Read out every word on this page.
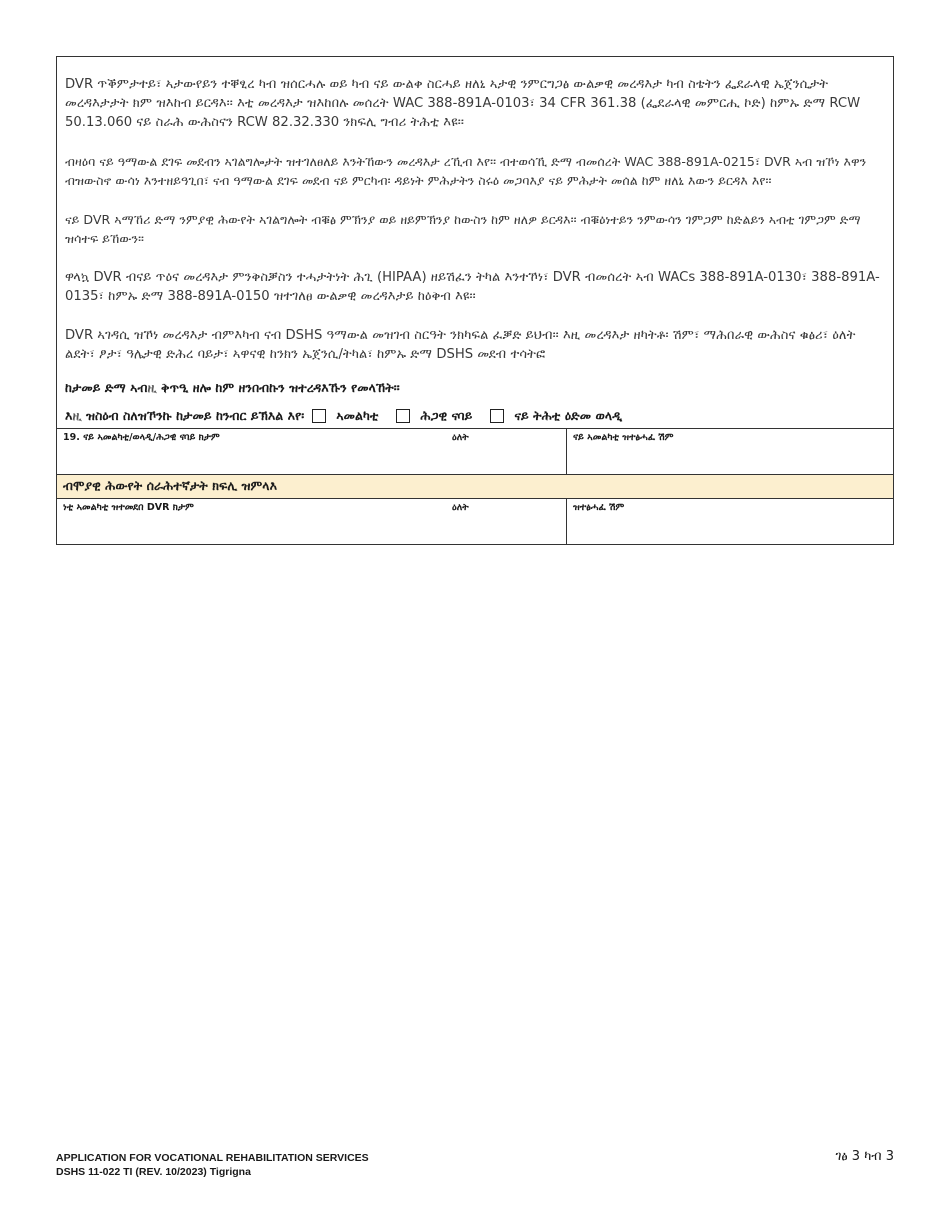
DVR ጥቕምታተይ፣ ኣታውየይን ተቐፂረ ካብ ዝሰርሓሉ ወይ ካብ ናይ ውልቀ ስርሓይ ዘለኒ ኣታዊ ንምርግጋፅ ውልቃዊ መረዳእታ ካብ ስቴትን ፌደራላዊ ኤጀንሲታት መረዳእታታት ክም ዝእከብ ይርዳእ፡፡ እቲ መረዳእታ ዝእከበሉ መሰረት WAC 388-891A-0103፣ 34 CFR 361.38 (ፌደራላዊ መምርሒ ኮድ) ከምኡ ድማ RCW 50.13.060 ናይ ስራሕ ውሕስናን RCW 82.32.330 ንክፍሊ ግብሪ ትሕቲ እዩ፡፡

ብዛዕባ ናይ ዓማውል ደገፍ መደብን ኣገልግሎታት ዝተገለፀለይ እንትኸውን መረዳእታ ረኺብ እየ፡፡ ብተወሳኺ ድማ ብመሰረት WAC 388-891A-0215፣ DVR ኣብ ዝኾነ እዋን ብዝውስኖ ውሳነ እንተዘይዓጊበ፣ ናብ ዓማውል ደገፍ መደብ ናይ ምርካብ፡ ዳይነት ምሕታትን ስሩዕ መጋባእያ ናይ ምሕታት መሰል ከም ዘለኒ እውን ይርዳእ እየ፡፡

ናይ DVR ኣማኸሪ ድማ ንምያዊ ሕውየት ኣገልግሎት ብቑፅ ምኽንያ ወይ ዘይምኽንያ ከውስን ከም ዘለዎ ይርዳእ፡፡ ብቑዕነተይን ንምውሳን ገምጋም ከድልይን ኣብቲ ገምጋም ድማ ዝሳተፍ ይኸውን፡፡

ዋላኳ DVR ብናይ ጥዕና መረዳእታ ምንቅስቓስን ተሓታትነት ሕጊ (HIPAA) ዘይሽፈን ትካል እንተኾነ፣ DVR ብመሰረት ኣብ WACs 388-891A-0130፣ 388-891A-0135፣ ከምኡ ድማ 388-891A-0150 ዝተገለፀ ውልቃዊ መረዳእታይ ከዕቅብ እዩ፡፡

DVR ኣገዳሲ ዝኾነ መረዳእታ ብምእካብ ናብ DSHS ዓማውል መዝገብ ስርዓት ንክካፍል ፈቓድ ይህብ፡፡ እዚ መረዳእታ ዘካትቶ፡ ሽም፣ ማሕበራዊ ውሕስና ቁፅሪ፣ ዕለት ልደት፣ ፆታ፣ ዓሌታዊ ድሕረ ባይታ፣ ኣዋናዊ ከንክን ኤጀንሲ/ትካል፣ ከምኡ ድማ DSHS መደብ ተሳትፎ

ከታመይ ድማ ኣብዚ ቅጥዒ ዘሎ ከም ዘንበብኩን ዝተረዳእኹን የመላኸት፡፡
እዚ ዝስዕብ ስለዝኾንኩ ከታመይ ከንብር ይኽእል እየ፡	ኣመልካቲ	ሕጋዊ ናባይ	ናይ ትሕቲ ዕድመ ወላዲ
19. ናይ ኣመልካቲ/ወላዲ/ሕጋዊ ናባይ ክታም	ዕለት	ናይ ኣመልካቲ ዝተፅሓፈ ሽም
ብሞያዊ ሕውየት ሰራሕተኛታት ክፍሊ ዝምላእ
ነቲ ኣመልካቲ ዝተመደበ DVR ክታም	ዕለት	ዝተፅሓፈ ሽም
APPLICATION FOR VOCATIONAL REHABILITATION SERVICES
DSHS 11-022 TI (REV. 10/2023) Tigrigna
ገፅ 3 ካብ 3
